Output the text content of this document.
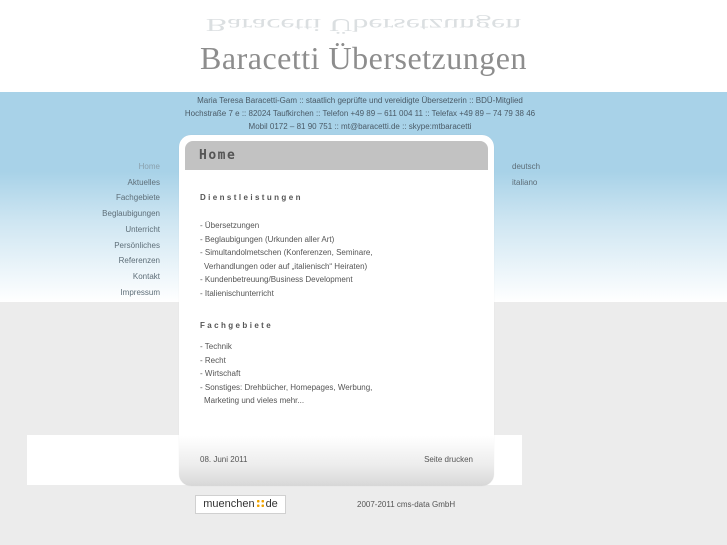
Baracetti Übersetzungen
Baracetti Übersetzungen
Maria Teresa Baracetti-Gam :: staatlich geprüfte und vereidigte Übersetzerin :: BDÜ-Mitglied
Hochstraße 7 e :: 82024 Taufkirchen :: Telefon +49 89 – 611 004 11 :: Telefax +49 89 – 74 79 38 46
Mobil 0172 – 81 90 751 :: mt@baracetti.de :: skype:mtbaracetti
Home
Aktuelles
Fachgebiete
Beglaubigungen
Unterricht
Persönliches
Referenzen
Kontakt
Impressum
deutsch
italiano
Home
Dienstleistungen
- Übersetzungen
- Beglaubigungen (Urkunden aller Art)
- Simultandolmetschen (Konferenzen, Seminare,
Verhandlungen oder auf „italienisch“ Heiraten)
- Kundenbetreuung/Business Development
- Italienischunterricht
Fachgebiete
- Technik
- Recht
- Wirtschaft
- Sonstiges: Drehbücher, Homepages, Werbung,
Marketing und vieles mehr...
08. Juni 2011	Seite drucken
muenchen de	2007-2011 cms-data GmbH
